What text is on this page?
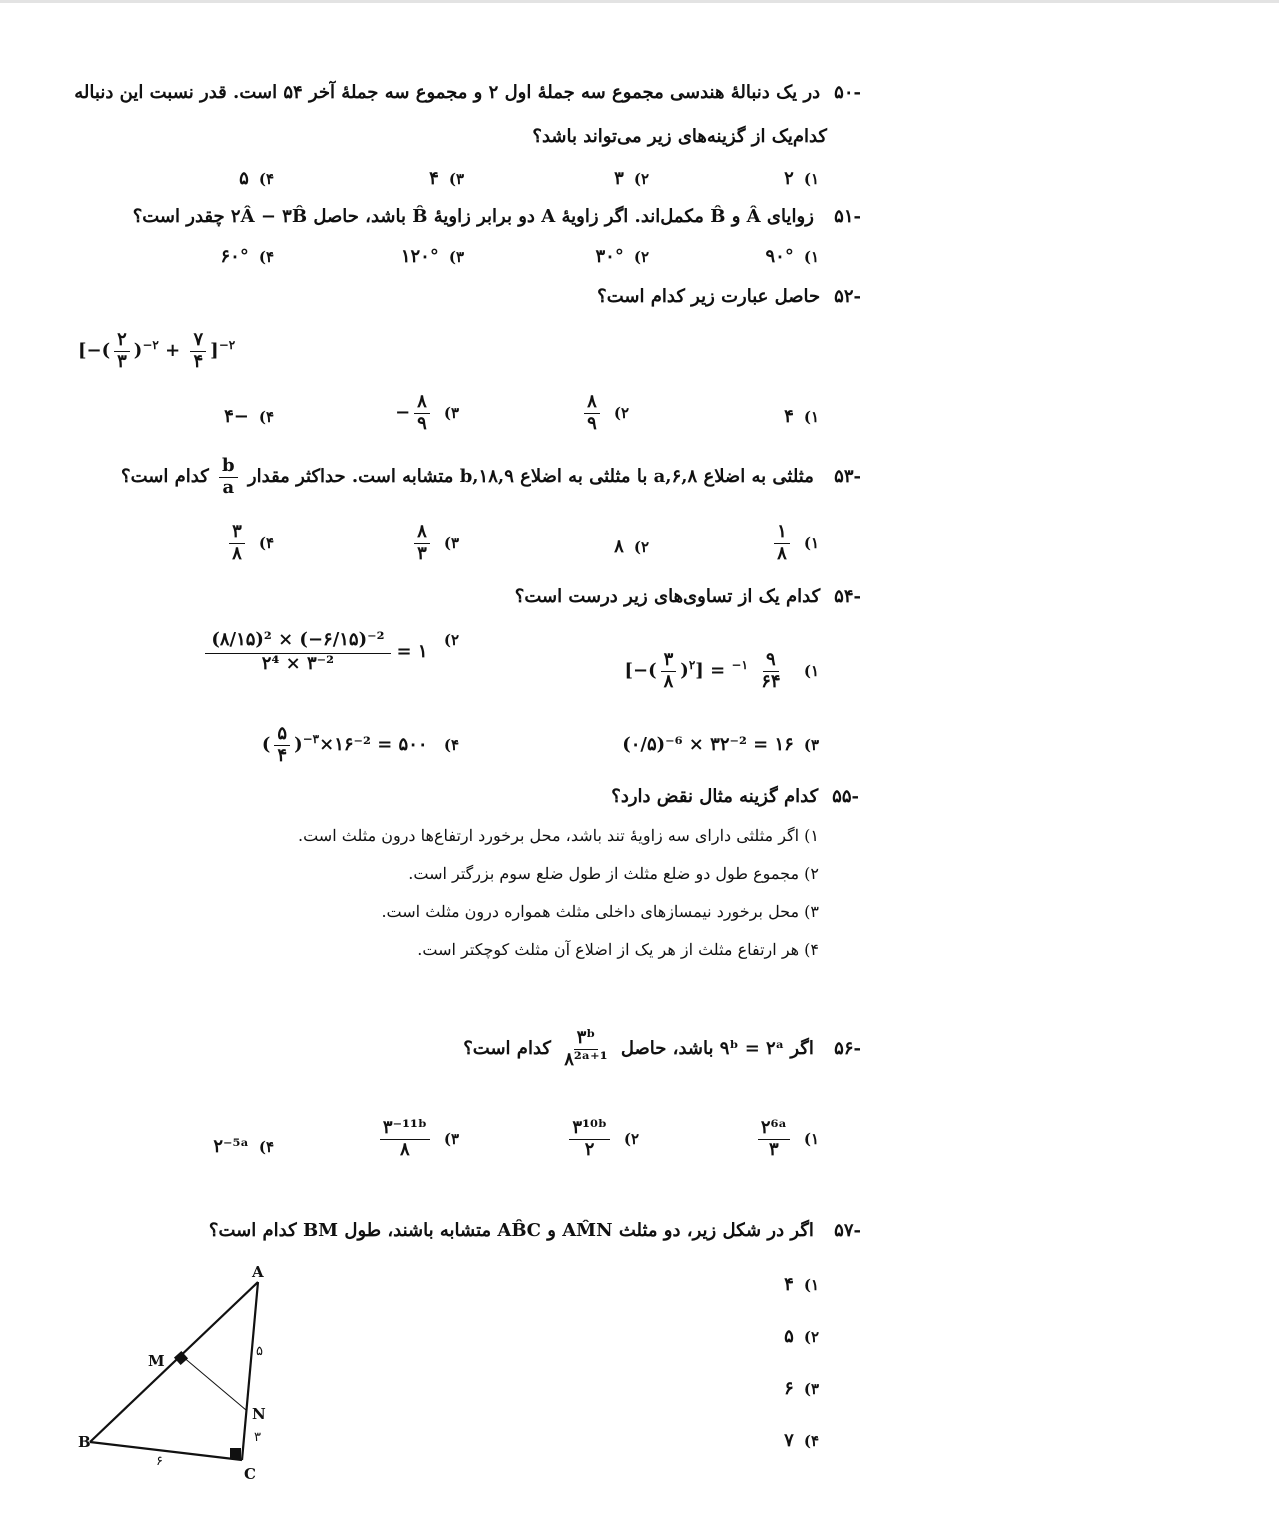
-۵۰در یک دنبالهٔ هندسی مجموع سه جملهٔ اول ۲ و مجموع سه جملهٔ آخر ۵۴ است. قدر نسبت این دنباله
کدام‌یک از گزینه‌های زیر می‌تواند باشد؟
۱)۲
۲)۳
۳)۴
۴)۵
-۵۱ زوایای Â و B̂ مکمل‌اند. اگر زاویهٔ A دو برابر زاویهٔ B̂ باشد، حاصل ۲Â − ۳B̂ چقدر است؟
۱)۹۰°
۲)۳۰°
۳)۱۲۰°
۴)۶۰°
-۵۲حاصل عبارت زیر کدام است؟
[−( $\frac{۲}{۳} )^{-۲} + \frac{۷}{۴} ]^{-۲}$
۱)۴
۲)
$\frac{۸}{۹}$
۳)
$\frac{۸}{۹}$
−
۴)−۴
-۵۳ مثلثی به اضلاع ۶,۸,a با مثلثی به اضلاع ۹,b,۱۸ متشابه است. حداکثر مقدار
$\frac{b}{a}$
کدام است؟
۱)
$\frac{۱}{۸}$
۲)۸
۳)
$\frac{۸}{۳}$
۴)
$\frac{۳}{۸}$
-۵۴کدام یک از تساوی‌های زیر درست است؟
۱) [−( $\frac{۳}{۸} )^۲] = ^{-۱} \frac{۹}{۶۴}$
۲)
$\frac{\text{(۸/۱۵)² × (−۶/۱۵)⁻²}}{\text{۲⁴ × ۳⁻²}}$ = ۱
۳)(۰/۵)⁻⁶ × ۳۲⁻² = ۱۶
۴) ( $\frac{۵}{۴}$ )$^{-۳}$×۱۶⁻² = ۵۰۰
-۵۵کدام گزینه مثال نقض دارد؟
۱) اگر مثلثی دارای سه زاویهٔ تند باشد، محل برخورد ارتفاع‌ها درون مثلث است.
۲) مجموع طول دو ضلع مثلث از طول ضلع سوم بزرگتر است.
۳) محل برخورد نیمسازهای داخلی مثلث همواره درون مثلث است.
۴) هر ارتفاع مثلث از هر یک از اضلاع آن مثلث کوچکتر است.
-۵۶ اگر ۹ᵇ = ۲ᵃ باشد، حاصل
$\frac{\text{۳ᵇ}}{\text{۸²ᵃ⁺¹}}$
کدام است؟
۱)
$\frac{\text{۲⁶ᵃ}}{۳}$
۲)
$\frac{\text{۳¹⁰ᵇ}}{۲}$
۳)
$\frac{\text{۳⁻¹¹ᵇ}}{۸}$
۴)۲⁻⁵ᵃ
-۵۷ اگر در شکل زیر، دو مثلث AM̂N و AB̂C متشابه باشند، طول BM کدام است؟
۱)۴
۲)۵
۳)۶
۴)۷
A
M
N
B
C
۵
۳
۶
